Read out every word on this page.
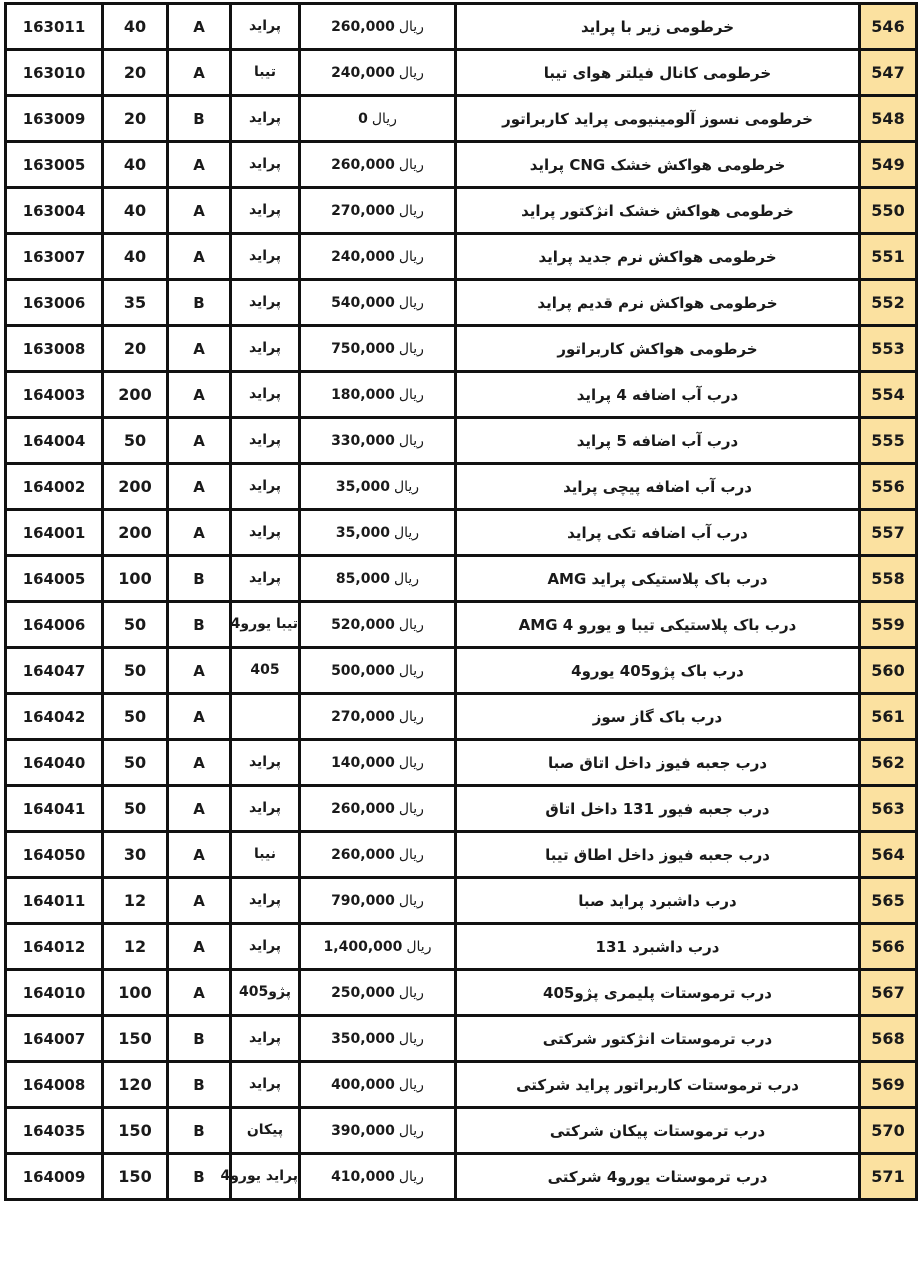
163011	40	A	پراید	ریال260,000	خرطومی زیر با پراید	546
163010	20	A	تیبا	ریال240,000	خرطومی کانال فیلتر هوای تیبا	547
163009	20	B	پراید	ریال0	خرطومی نسوز آلومینیومی پراید کاربراتور	548
163005	40	A	پراید	ریال260,000	خرطومی هواکش خشک CNG پراید	549
163004	40	A	پراید	ریال270,000	خرطومی هواکش خشک انژکتور پراید	550
163007	40	A	پراید	ریال240,000	خرطومی هواکش نرم جدید پراید	551
163006	35	B	پراید	ریال540,000	خرطومی هواکش نرم قدیم پراید	552
163008	20	A	پراید	ریال750,000	خرطومی هواکش کاربراتور	553
164003	200	A	پراید	ریال180,000	درب آب اضافه 4 پراید	554
164004	50	A	پراید	ریال330,000	درب آب اضافه 5 پراید	555
164002	200	A	پراید	ریال35,000	درب آب اضافه پیچی پراید	556
164001	200	A	پراید	ریال35,000	درب آب اضافه تکی پراید	557
164005	100	B	پراید	ریال85,000	درب باک پلاستیکی پراید AMG	558
164006	50	B	تیبا یورو4	ریال520,000	درب باک پلاستیکی تیبا و یورو 4 AMG	559
164047	50	A	405	ریال500,000	درب باک پژو405 یورو4	560
164042	50	A		ریال270,000	درب باک گاز سوز	561
164040	50	A	پراید	ریال140,000	درب جعبه فیوز داخل اتاق صبا	562
164041	50	A	پراید	ریال260,000	درب جعبه فیور 131 داخل اتاق	563
164050	30	A	نیبا	ریال260,000	درب جعبه فیوز داخل اطاق تیبا	564
164011	12	A	پراید	ریال790,000	درب داشبرد پراید صبا	565
164012	12	A	پراید	ریال1,400,000	درب داشبرد 131	566
164010	100	A	پژو405	ریال250,000	درب ترموستات پلیمری پژو405	567
164007	150	B	پراید	ریال350,000	درب ترموستات انژکتور شرکتی	568
164008	120	B	پراید	ریال400,000	درب ترموستات کاربراتور پراید شرکتی	569
164035	150	B	پیکان	ریال390,000	درب ترموستات پیکان شرکتی	570
164009	150	B	پراید یورو4	ریال410,000	درب ترموستات یورو4 شرکتی	571
